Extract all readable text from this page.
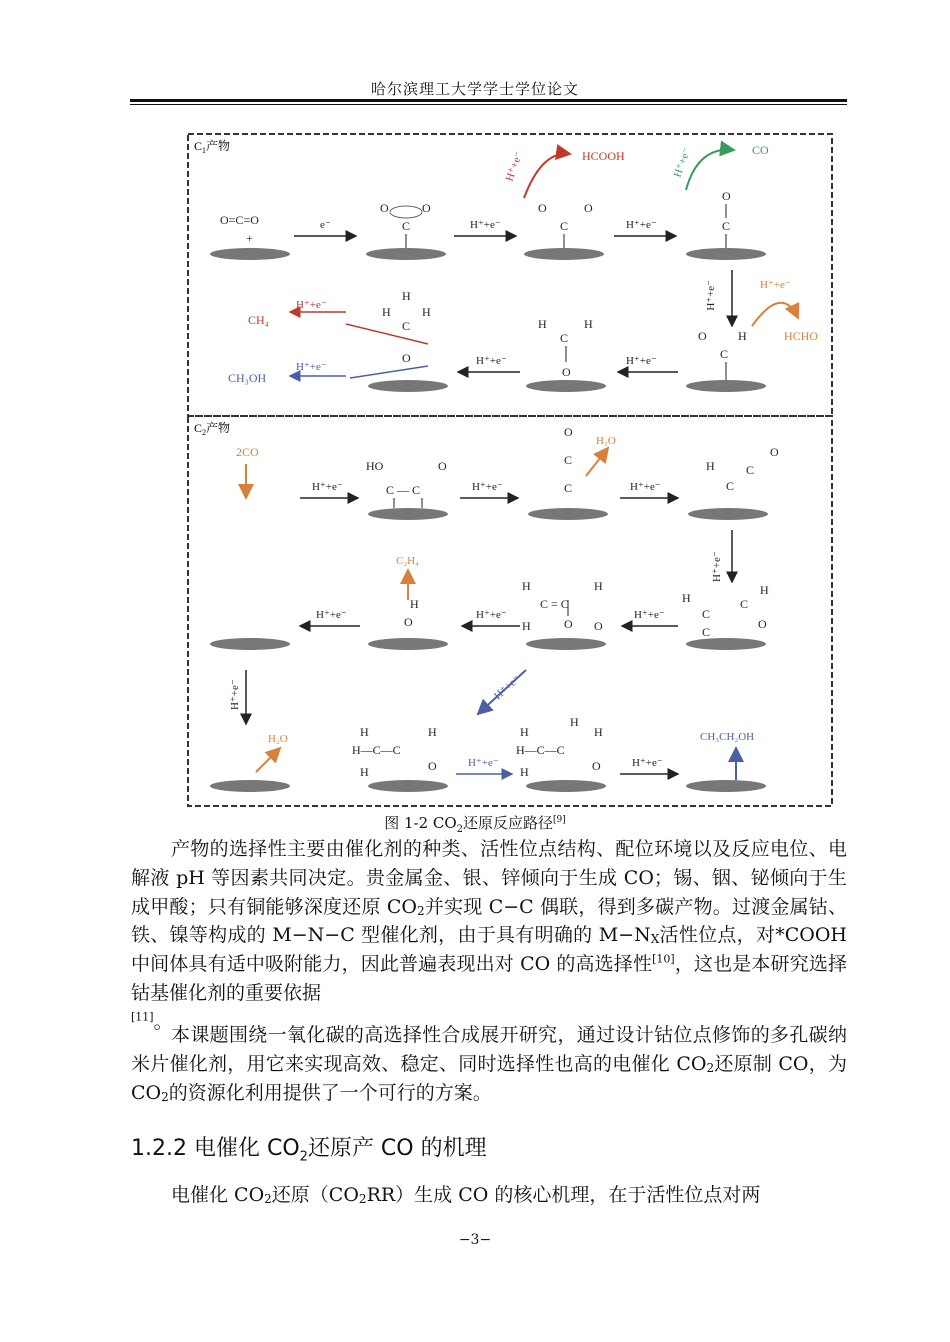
哈尔滨理工大学学士学位论文
$C_1$产物
$C_2$产物
O=C=O
+
O	O
C
O	O
C
O
C
O	H
C
H	H
C
O
H
H	H
C
O
e⁻	H⁺+e⁻	H⁺+e⁻
H⁺+e⁻
H⁺+e⁻
H⁺+e⁻
HCOOH
H⁺+e⁻
CO
H⁺+e⁻
H⁺+e⁻
HCHO
H⁺+e⁻
CH₄
H⁺+e⁻
CH₃OH
2CO
HO	O
C — C
O
C
C
H
O
C
C
H
O	O
H	H
C = C
H	O
H
H
C
C
C
O
H	H
H—C—C
O
H
H
H
H
H—C—C
O
H
H⁺+e⁻	H⁺+e⁻	H⁺+e⁻
H⁺+e⁻
H⁺+e⁻
H⁺+e⁻
H⁺+e⁻
H⁺+e⁻
H₂O
C₂H₄
H₂O
H⁺+e⁻
H⁺+e⁻	H⁺+e⁻
CH₃CH₂OH
图 1-2 $CO_2$还原反应路径[9]

产物的选择性主要由催化剂的种类、活性位点结构、配位环境以及反应电位、电解液 pH 等因素共同决定。贵金属金、银、锌倾向于生成 CO；锡、铟、铋倾向于生成甲酸；只有铜能够深度还原 $CO_2$并实现 C−C 偶联，得到多碳产物。过渡金属钴、铁、镍等构成的 M−N−C 型催化剂，由于具有明确的 $M-N_X$活性位点，对*COOH 中间体具有适中吸附能力，因此普遍表现出对 CO 的高选择性[10]，这也是本研究选择钴基催化剂的重要依据
[11]。

本课题围绕一氧化碳的高选择性合成展开研究，通过设计钴位点修饰的多孔碳纳米片催化剂，用它来实现高效、稳定、同时选择性也高的电催化 $CO_2$还原制 CO，为 $CO_2$的资源化利用提供了一个可行的方案。

1.2.2 电催化 $CO_2$还原产 CO 的机理

电催化 $CO_2$还原$(CO_2RR)$生成 CO 的核心机理，在于活性位点对两

−3−
